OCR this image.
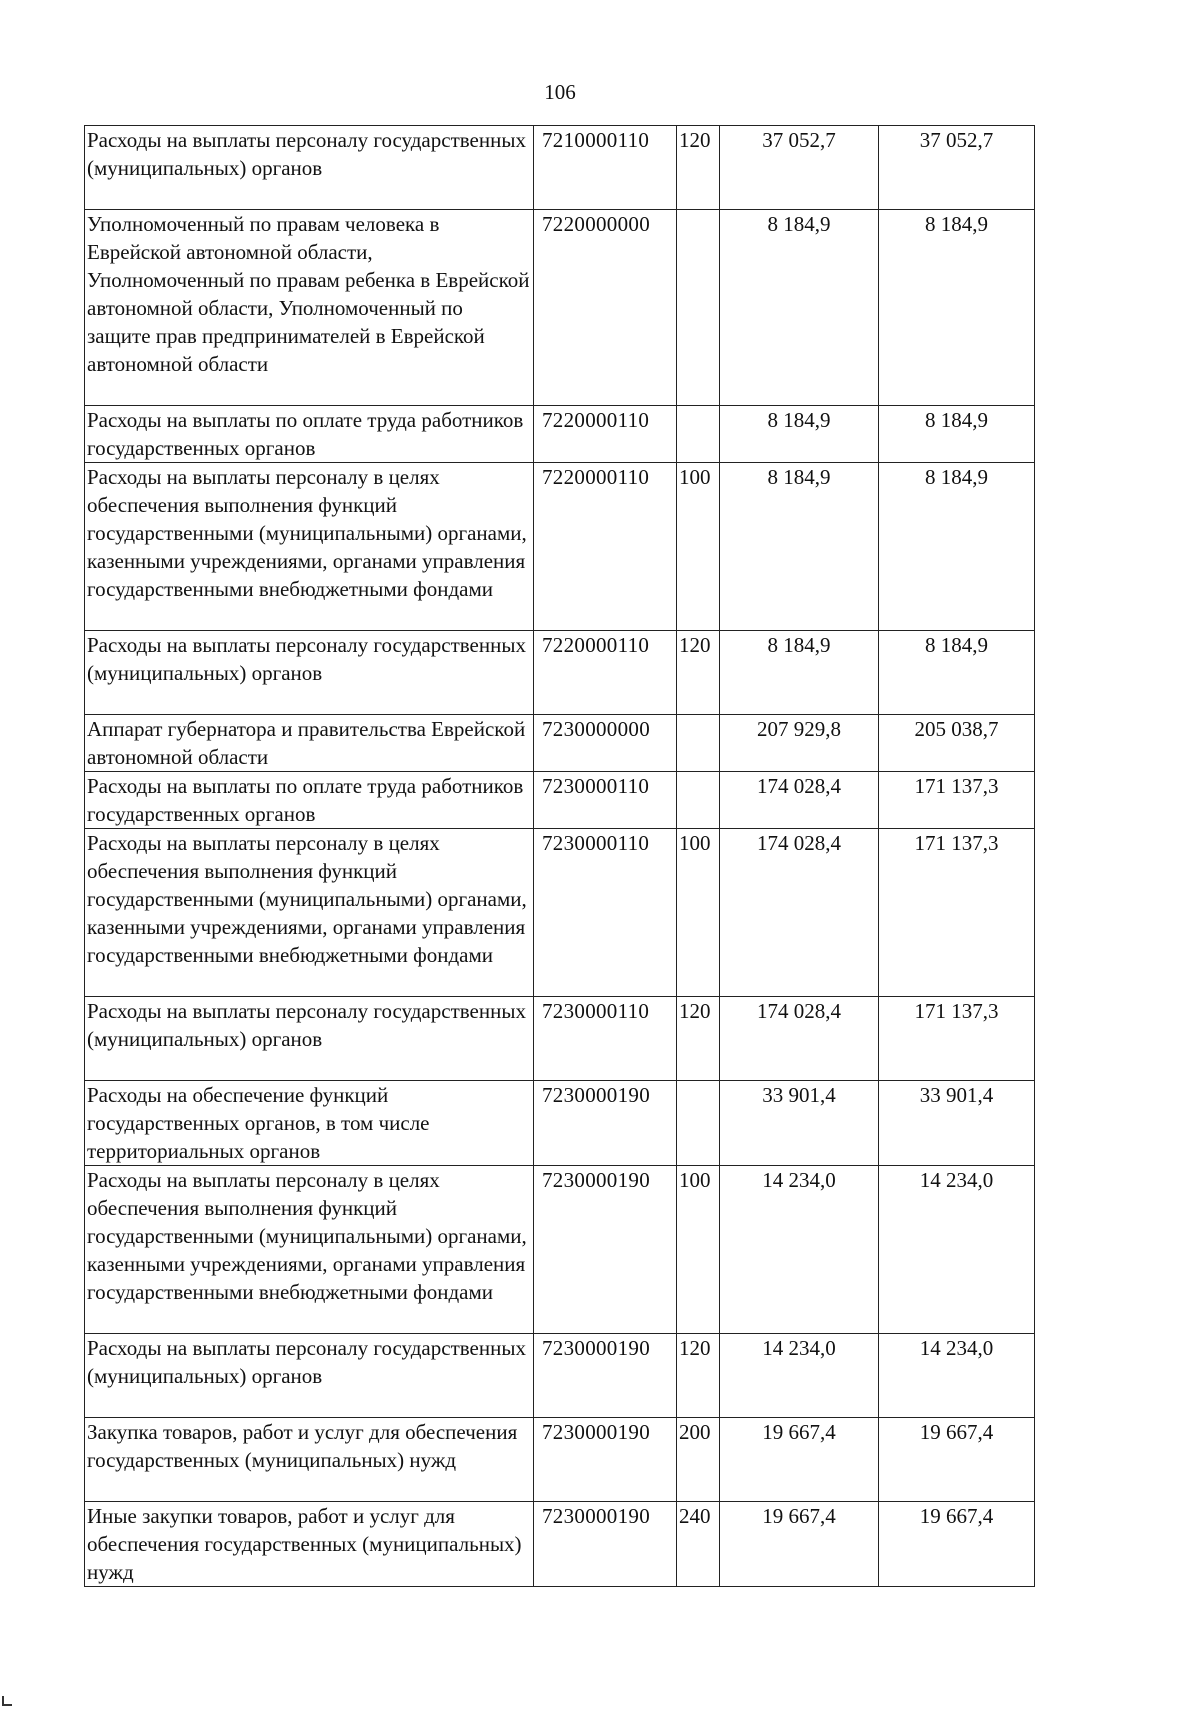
106
Расходы на выплаты персоналу государственных (муниципальных) органов	7210000110	120	37 052,7	37 052,7
Уполномоченный по правам человека в Еврейской автономной области, Уполномоченный по правам ребенка в Еврейской автономной области, Уполномоченный по защите прав предпринимателей в Еврейской автономной области	7220000000		8 184,9	8 184,9
Расходы на выплаты по оплате труда работников государственных органов	7220000110		8 184,9	8 184,9
Расходы на выплаты персоналу в целях обеспечения выполнения функций государственными (муниципальными) органами, казенными учреждениями, органами управления государственными внебюджетными фондами	7220000110	100	8 184,9	8 184,9
Расходы на выплаты персоналу государственных (муниципальных) органов	7220000110	120	8 184,9	8 184,9
Аппарат губернатора и правительства Еврейской автономной области	7230000000		207 929,8	205 038,7
Расходы на выплаты по оплате труда работников государственных органов	7230000110		174 028,4	171 137,3
Расходы на выплаты персоналу в целях обеспечения выполнения функций государственными (муниципальными) органами, казенными учреждениями, органами управления государственными внебюджетными фондами	7230000110	100	174 028,4	171 137,3
Расходы на выплаты персоналу государственных (муниципальных) органов	7230000110	120	174 028,4	171 137,3
Расходы на обеспечение функций государственных органов, в том числе территориальных органов	7230000190		33 901,4	33 901,4
Расходы на выплаты персоналу в целях обеспечения выполнения функций государственными (муниципальными) органами, казенными учреждениями, органами управления государственными внебюджетными фондами	7230000190	100	14 234,0	14 234,0
Расходы на выплаты персоналу государственных (муниципальных) органов	7230000190	120	14 234,0	14 234,0
Закупка товаров, работ и услуг для обеспечения государственных (муниципальных) нужд	7230000190	200	19 667,4	19 667,4
Иные закупки товаров, работ и услуг для обеспечения государственных (муниципальных) нужд	7230000190	240	19 667,4	19 667,4
